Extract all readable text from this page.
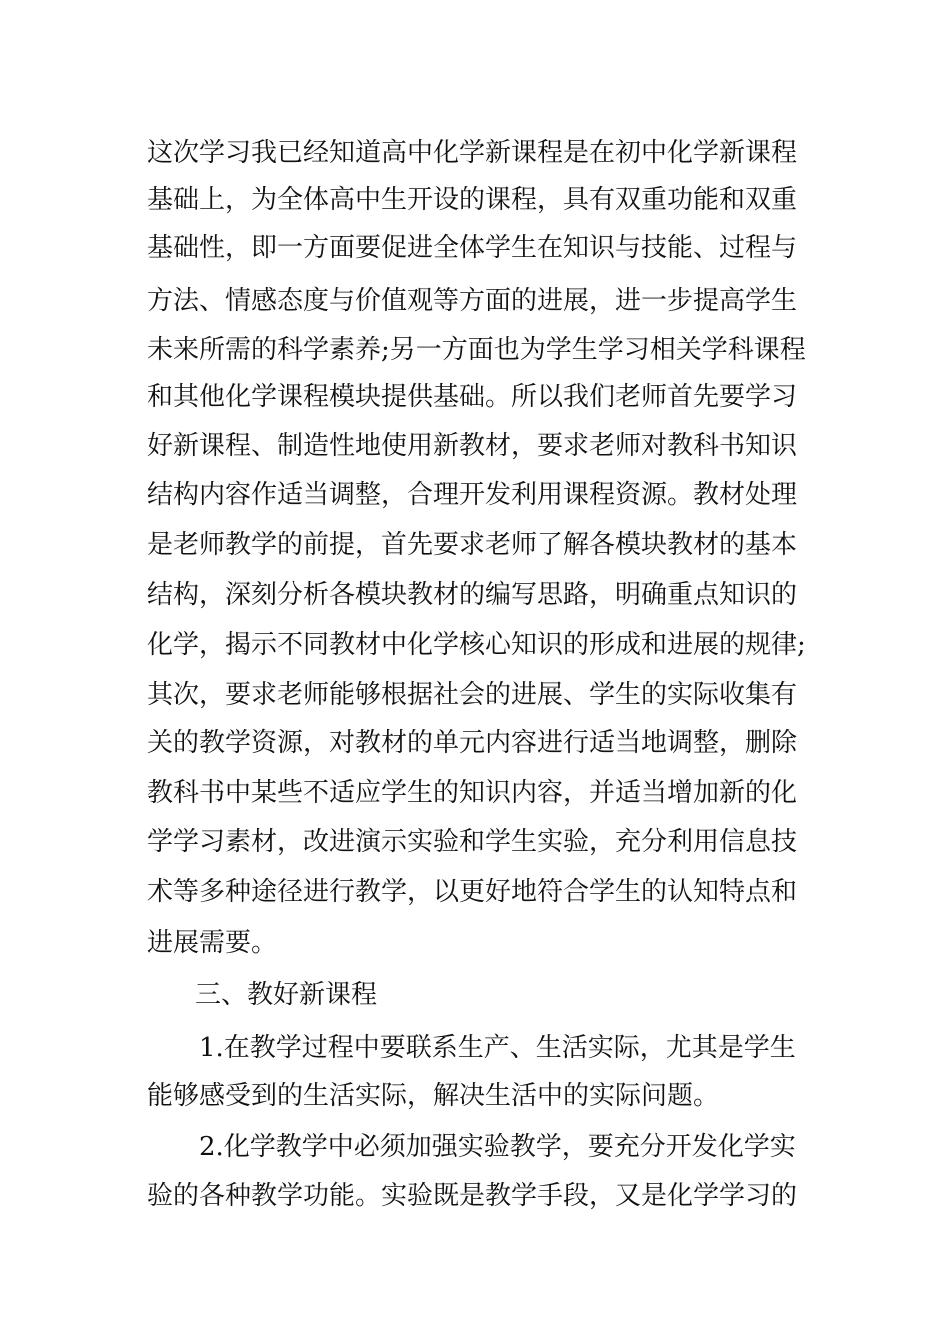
这次学习我已经知道高中化学新课程是在初中化学新课程
基础上，为全体高中生开设的课程，具有双重功能和双重
基础性，即一方面要促进全体学生在知识与技能、过程与
方法、情感态度与价值观等方面的进展，进一步提高学生
未来所需的科学素养;另一方面也为学生学习相关学科课程
和其他化学课程模块提供基础。所以我们老师首先要学习
好新课程、制造性地使用新教材，要求老师对教科书知识
结构内容作适当调整，合理开发利用课程资源。教材处理
是老师教学的前提，首先要求老师了解各模块教材的基本
结构，深刻分析各模块教材的编写思路，明确重点知识的
化学，揭示不同教材中化学核心知识的形成和进展的规律;
其次，要求老师能够根据社会的进展、学生的实际收集有
关的教学资源，对教材的单元内容进行适当地调整，删除
教科书中某些不适应学生的知识内容，并适当增加新的化
学学习素材，改进演示实验和学生实验，充分利用信息技
术等多种途径进行教学，以更好地符合学生的认知特点和
进展需要。
三、教好新课程
1.在教学过程中要联系生产、生活实际，尤其是学生
能够感受到的生活实际，解决生活中的实际问题。
2.化学教学中必须加强实验教学，要充分开发化学实
验的各种教学功能。实验既是教学手段，又是化学学习的
